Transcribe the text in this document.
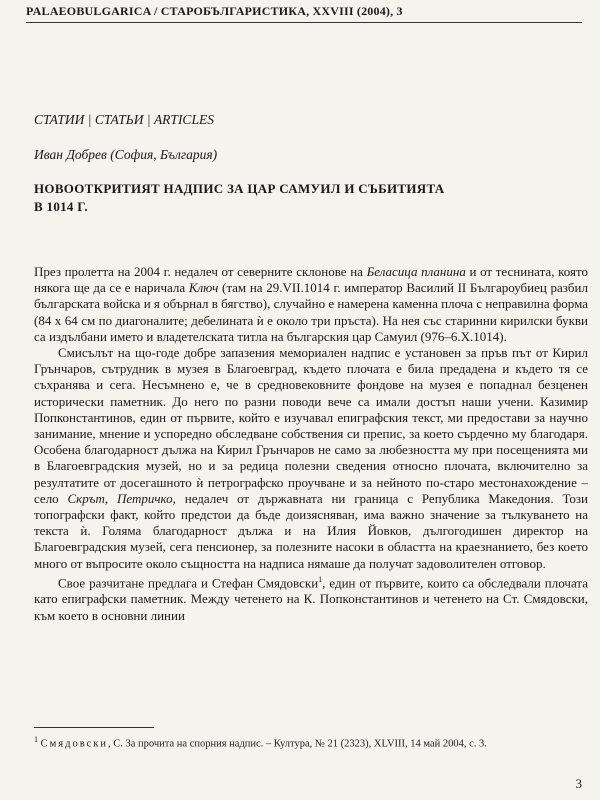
PALAEOBULGARICA / СТАРОБЪЛГАРИСТИКА, XXVIII (2004), 3
СТАТИИ | СТАТЬИ | ARTICLES
Иван Добрев (София, България)
НОВООТКРИТИЯТ НАДПИС ЗА ЦАР САМУИЛ И СЪБИТИЯТА
В 1014 Г.

През пролетта на 2004 г. недалеч от северните склонове на Беласица планина и от теснината, която някога ще да се е наричала Ключ (там на 29.VII.1014 г. император Василий II Българоубиец разбил българската войска и я обърнал в бягство), случайно е намерена каменна плоча с неправилна форма (84 х 64 см по диагоналите; дебелината ѝ е около три пръста). На нея със старинни кирилски букви са издълбани името и владетелската титла на българския цар Самуил (976–6.Х.1014).

Смисълът на що-годе добре запазения мемориален надпис е установен за пръв път от Кирил Грънчаров, сътрудник в музея в Благоевград, където плочата е била предадена и където тя се съхранява и сега. Несъмнено е, че в средновековните фондове на музея е попаднал безценен исторически паметник. До него по разни поводи вече са имали достъп наши учени. Казимир Попконстантинов, един от първите, който е изучавал епиграфския текст, ми предостави за научно занимание, мнение и успоредно обследване собствения си препис, за което сърдечно му благодаря. Особена благодарност дължа на Кирил Грънчаров не само за любезността му при посещенията ми в Благоевградския музей, но и за редица полезни сведения относно плочата, включително за резултатите от досегашното ѝ петрографско проучване и за нейното по-старо местонахождение – село Скрът, Петричко, недалеч от държавната ни граница с Република Македония. Този топографски факт, който предстои да бъде доизясняван, има важно значение за тълкуването на текста ѝ. Голяма благодарност дължа и на Илия Йовков, дългогодишен директор на Благоевградския музей, сега пенсионер, за полезните насоки в областта на краезнанието, без което много от въпросите около същността на надписа нямаше да получат задоволителен отговор.

Свое разчитане предлага и Стефан Смядовски$^1$, един от първите, които са обследвали плочата като епиграфски паметник. Между четенето на К. Попконстантинов и четенето на Ст. Смядовски, към което в основни линии

$^1$ Смядовски, С. За прочита на спорния надпис. – Култура, № 21 (2323), XLVIII, 14 май 2004, с. 3.
3
